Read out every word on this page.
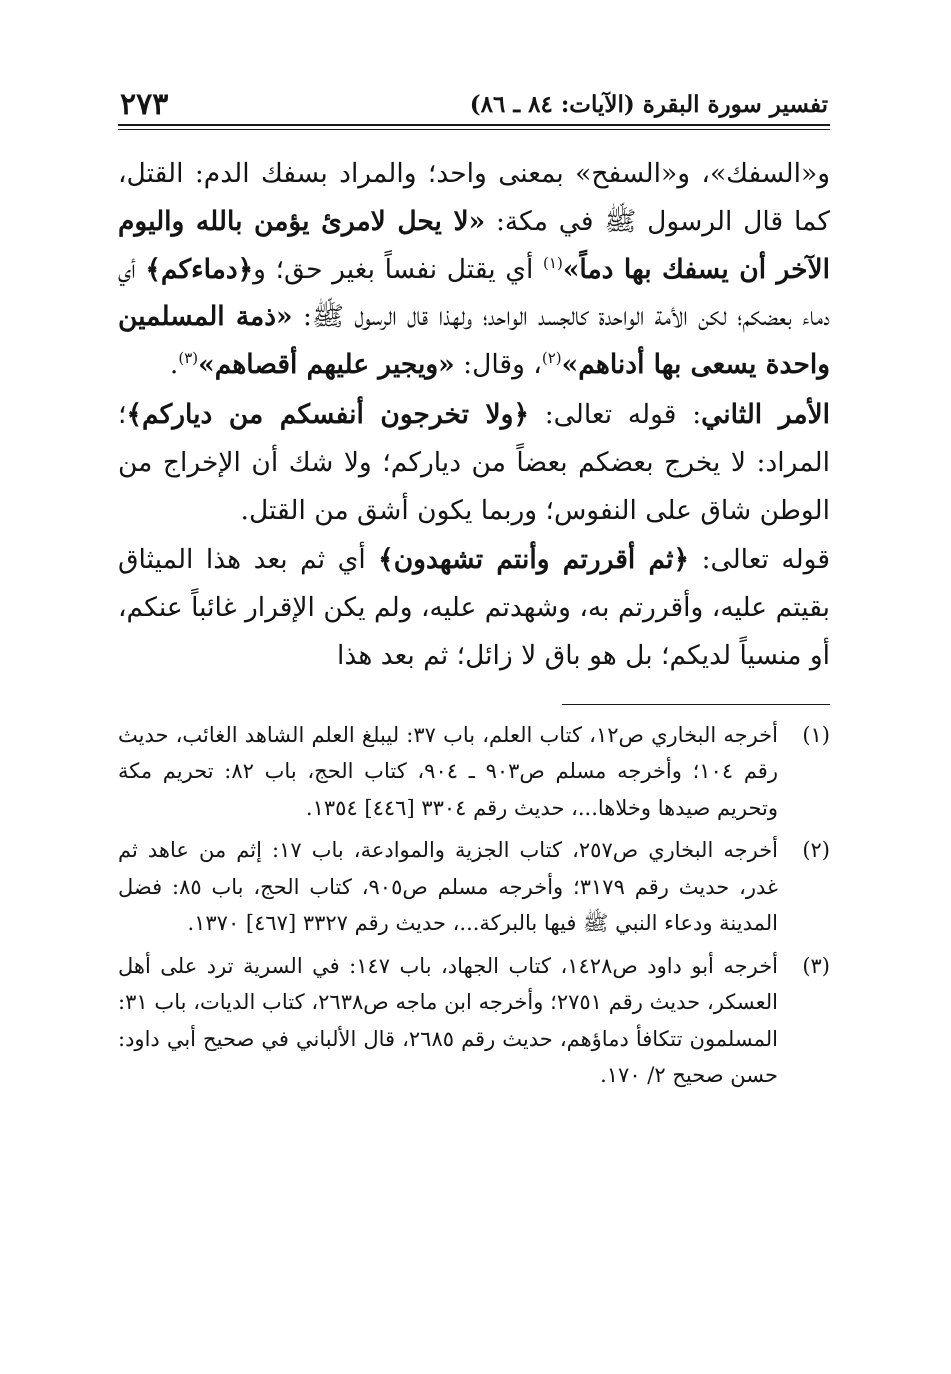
تفسير سورة البقرة (الآيات: ٨٤ ـ ٨٦)
٢٧٣

و«السفك»، و«السفح» بمعنى واحد؛ والمراد بسفك الدم: القتل، كما قال الرسول ﷺ في مكة: «لا يحل لامرئ يؤمن بالله واليوم الآخر أن يسفك بها دماً»$^{(١)}$ أي يقتل نفساً بغير حق؛ و﴿دماءكم﴾ أي دماء بعضكم؛ لكن الأمة الواحدة كالجسد الواحد؛ ولهذا قال الرسول ﷺ: «ذمة المسلمين واحدة يسعى بها أدناهم»$^{(٢)}$، وقال: «ويجير عليهم أقصاهم»$^{(٣)}$.

الأمر الثاني: قوله تعالى: ﴿ولا تخرجون أنفسكم من دياركم﴾؛ المراد: لا يخرج بعضكم بعضاً من دياركم؛ ولا شك أن الإخراج من الوطن شاق على النفوس؛ وربما يكون أشق من القتل.

قوله تعالى: ﴿ثم أقررتم وأنتم تشهدون﴾ أي ثم بعد هذا الميثاق بقيتم عليه، وأقررتم به، وشهدتم عليه، ولم يكن الإقرار غائباً عنكم، أو منسياً لديكم؛ بل هو باق لا زائل؛ ثم بعد هذا

(١)
أخرجه البخاري ص١٢، كتاب العلم، باب ٣٧: ليبلغ العلم الشاهد الغائب، حديث رقم ١٠٤؛ وأخرجه مسلم ص٩٠٣ ـ ٩٠٤، كتاب الحج، باب ٨٢: تحريم مكة وتحريم صيدها وخلاها...، حديث رقم ٣٣٠٤ [٤٤٦] ١٣٥٤.
(٢)
أخرجه البخاري ص٢٥٧، كتاب الجزية والموادعة، باب ١٧: إثم من عاهد ثم غدر، حديث رقم ٣١٧٩؛ وأخرجه مسلم ص٩٠٥، كتاب الحج، باب ٨٥: فضل المدينة ودعاء النبي ﷺ فيها بالبركة...، حديث رقم ٣٣٢٧ [٤٦٧] ١٣٧٠.
(٣)
أخرجه أبو داود ص١٤٢٨، كتاب الجهاد، باب ١٤٧: في السرية ترد على أهل العسكر، حديث رقم ٢٧٥١؛ وأخرجه ابن ماجه ص٢٦٣٨، كتاب الديات، باب ٣١: المسلمون تتكافأ دماؤهم، حديث رقم ٢٦٨٥، قال الألباني في صحيح أبي داود: حسن صحيح ٢/ ١٧٠.
